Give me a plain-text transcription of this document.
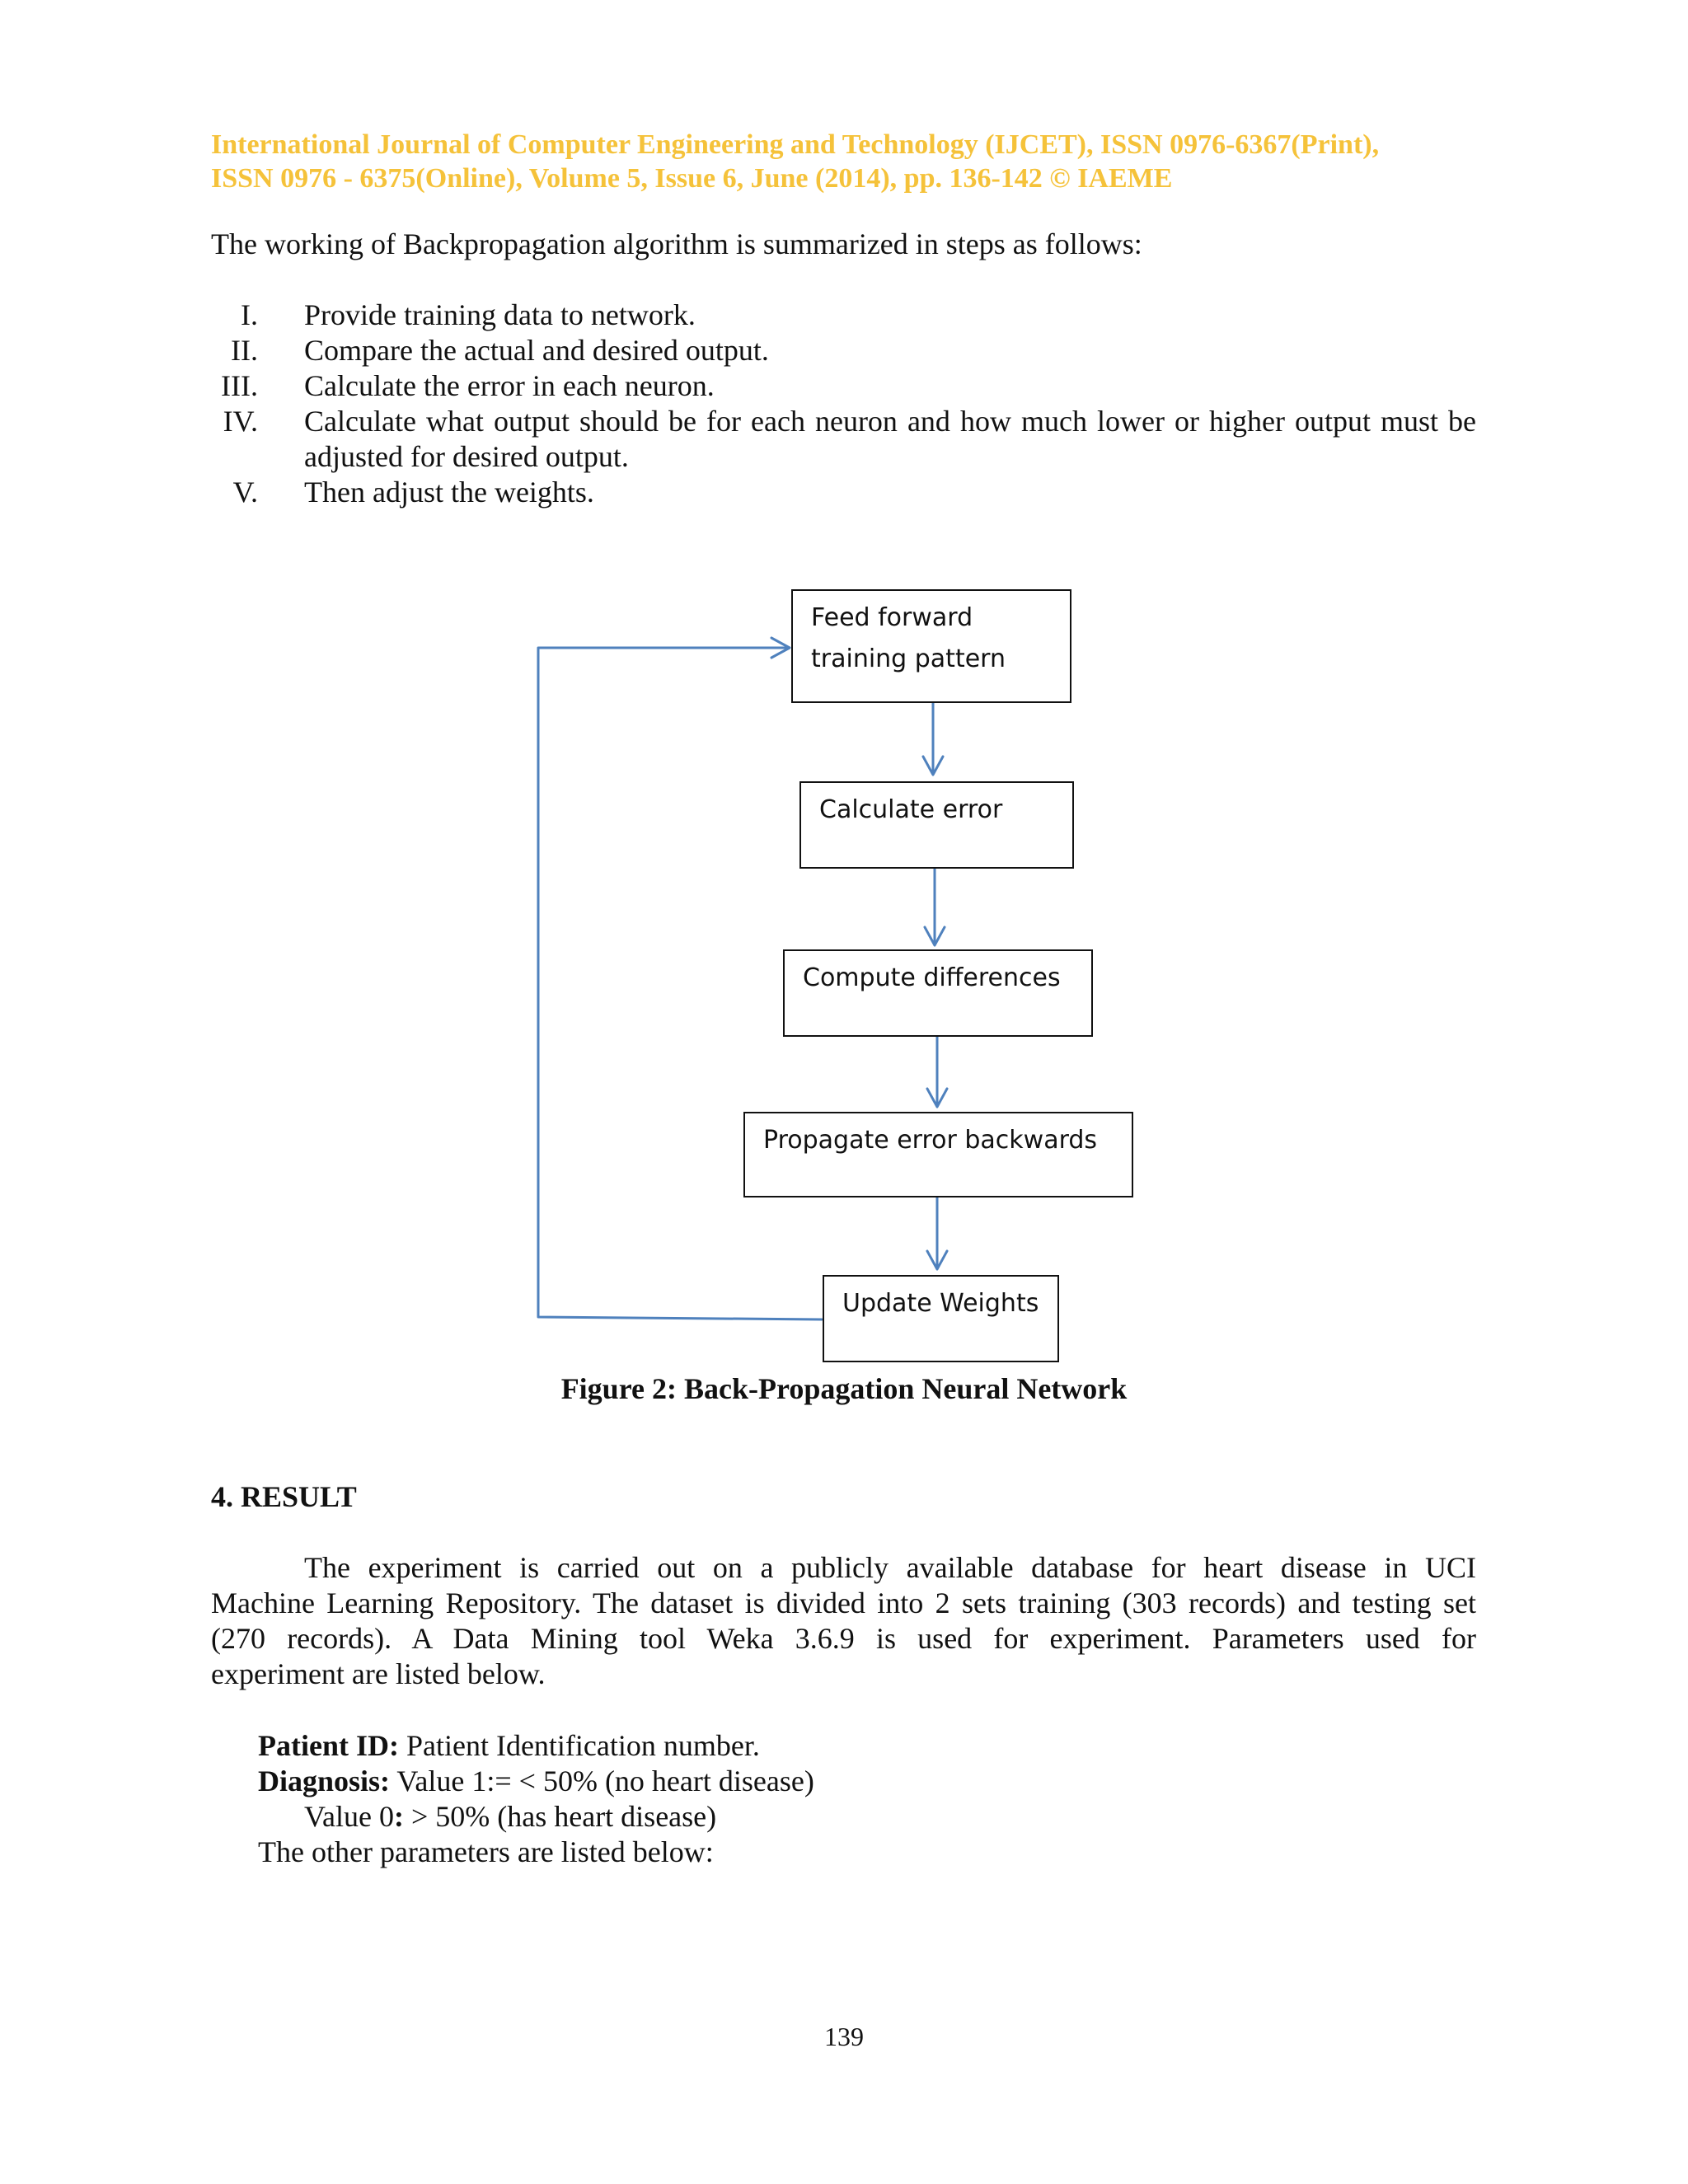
International Journal of Computer Engineering and Technology (IJCET), ISSN 0976-6367(Print),
ISSN 0976 - 6375(Online), Volume 5, Issue 6, June (2014), pp. 136-142 © IAEME
The working of Backpropagation algorithm is summarized in steps as follows:
I. Provide training data to network.
II. Compare the actual and desired output.
III. Calculate the error in each neuron.
IV. Calculate what output should be for each neuron and how much lower or higher output must be adjusted for desired output.
V. Then adjust the weights.
Feed forward
training pattern
Calculate error
Compute differences
Propagate error backwards
Update Weights
Figure 2: Back-Propagation Neural Network
4. RESULT
The experiment is carried out on a publicly available database for heart disease in UCI
Machine Learning Repository. The dataset is divided into 2 sets training (303 records) and testing set
(270 records). A Data Mining tool Weka 3.6.9 is used for experiment. Parameters used for
experiment are listed below.
Patient ID: Patient Identification number.
Diagnosis: Value 1:= < 50% (no heart disease)
Value 0: > 50% (has heart disease)
The other parameters are listed below:
139
